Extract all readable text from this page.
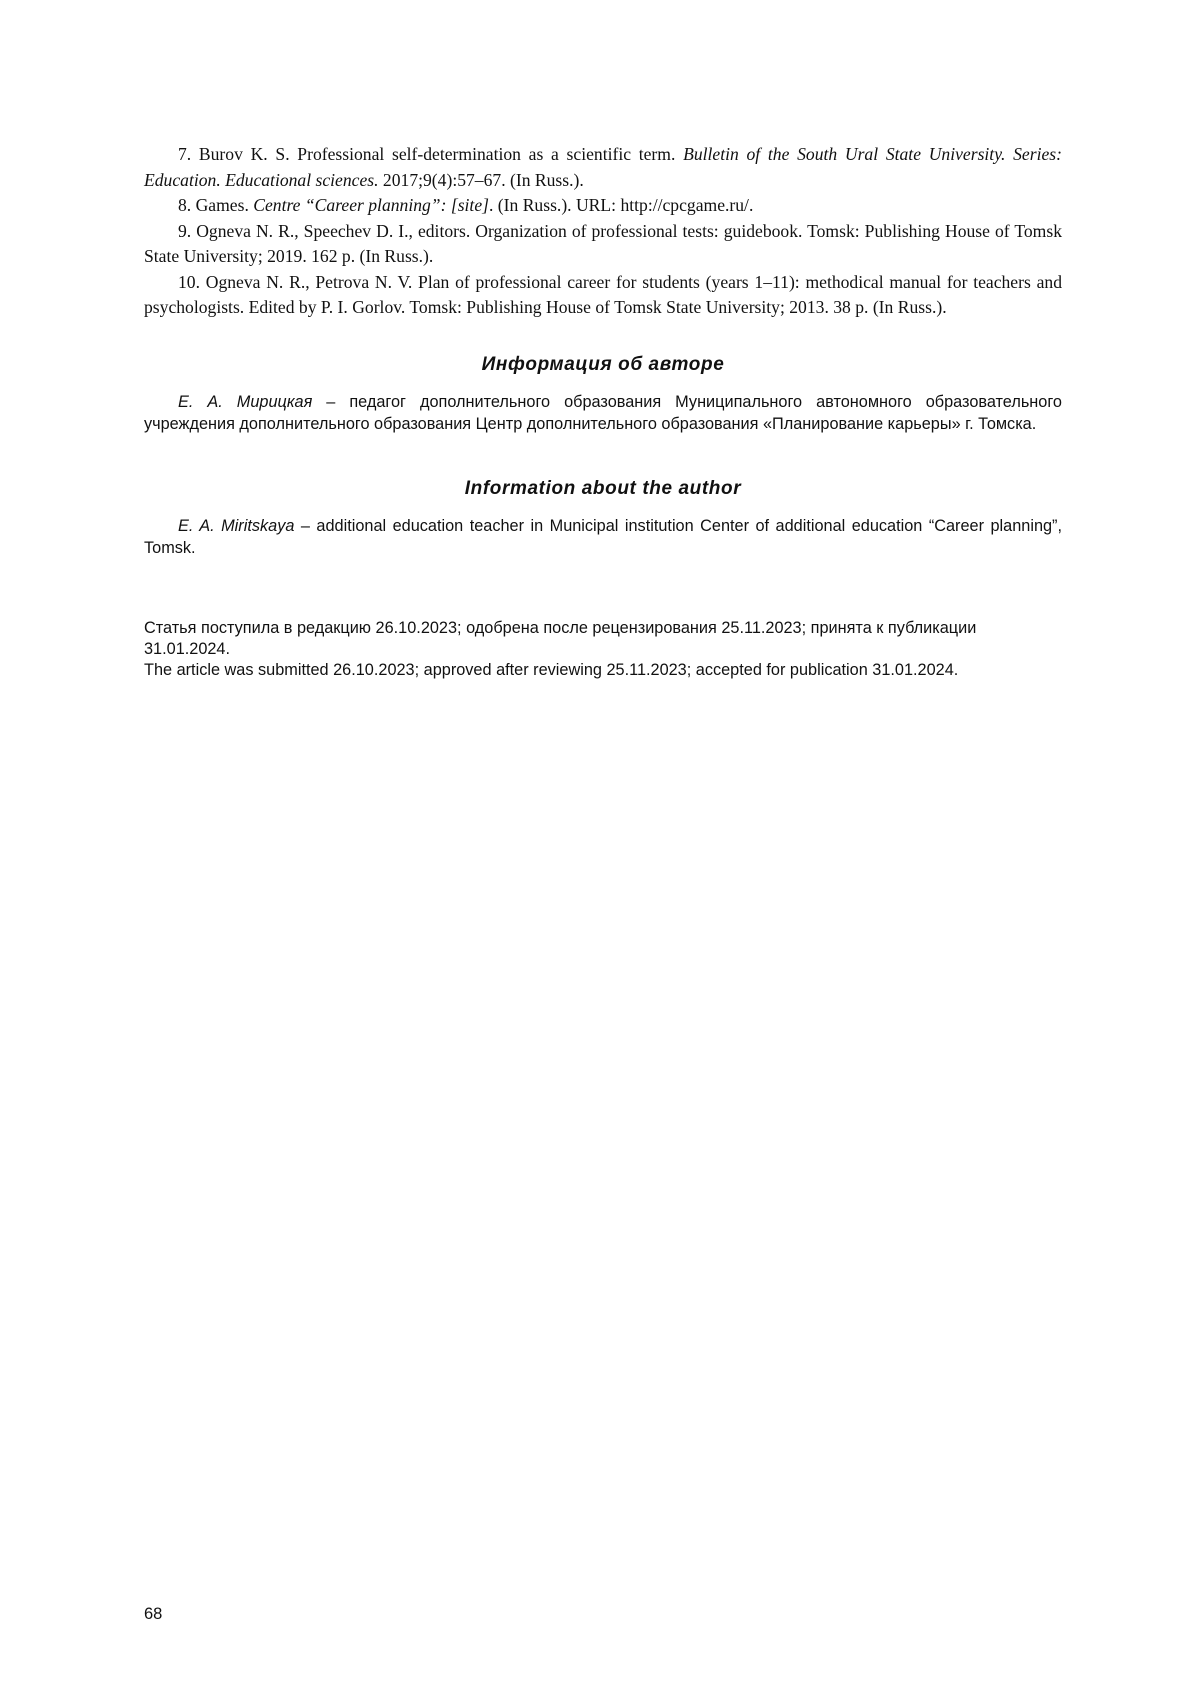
7. Burov K. S. Professional self-determination as a scientific term. Bulletin of the South Ural State University. Series: Education. Educational sciences. 2017;9(4):57–67. (In Russ.).

8. Games. Centre “Career planning”: [site]. (In Russ.). URL: http://cpcgame.ru/.

9. Ogneva N. R., Speechev D. I., editors. Organization of professional tests: guidebook. Tomsk: Publishing House of Tomsk State University; 2019. 162 p. (In Russ.).

10. Ogneva N. R., Petrova N. V. Plan of professional career for students (years 1–11): methodical manual for teachers and psychologists. Edited by P. I. Gorlov. Tomsk: Publishing House of Tomsk State University; 2013. 38 p. (In Russ.).

Информация об авторе

Е. А. Мирицкая – педагог дополнительного образования Муниципального автономного образовательного учреждения дополнительного образования Центр дополнительного образования «Планирование карьеры» г. Томска.

Information about the author

E. A. Miritskaya – additional education teacher in Municipal institution Center of additional education “Career planning”, Tomsk.

Статья поступила в редакцию 26.10.2023; одобрена после рецензирования 25.11.2023; принята к публикации 31.01.2024.

The article was submitted 26.10.2023; approved after reviewing 25.11.2023; accepted for publication 31.01.2024.

68
